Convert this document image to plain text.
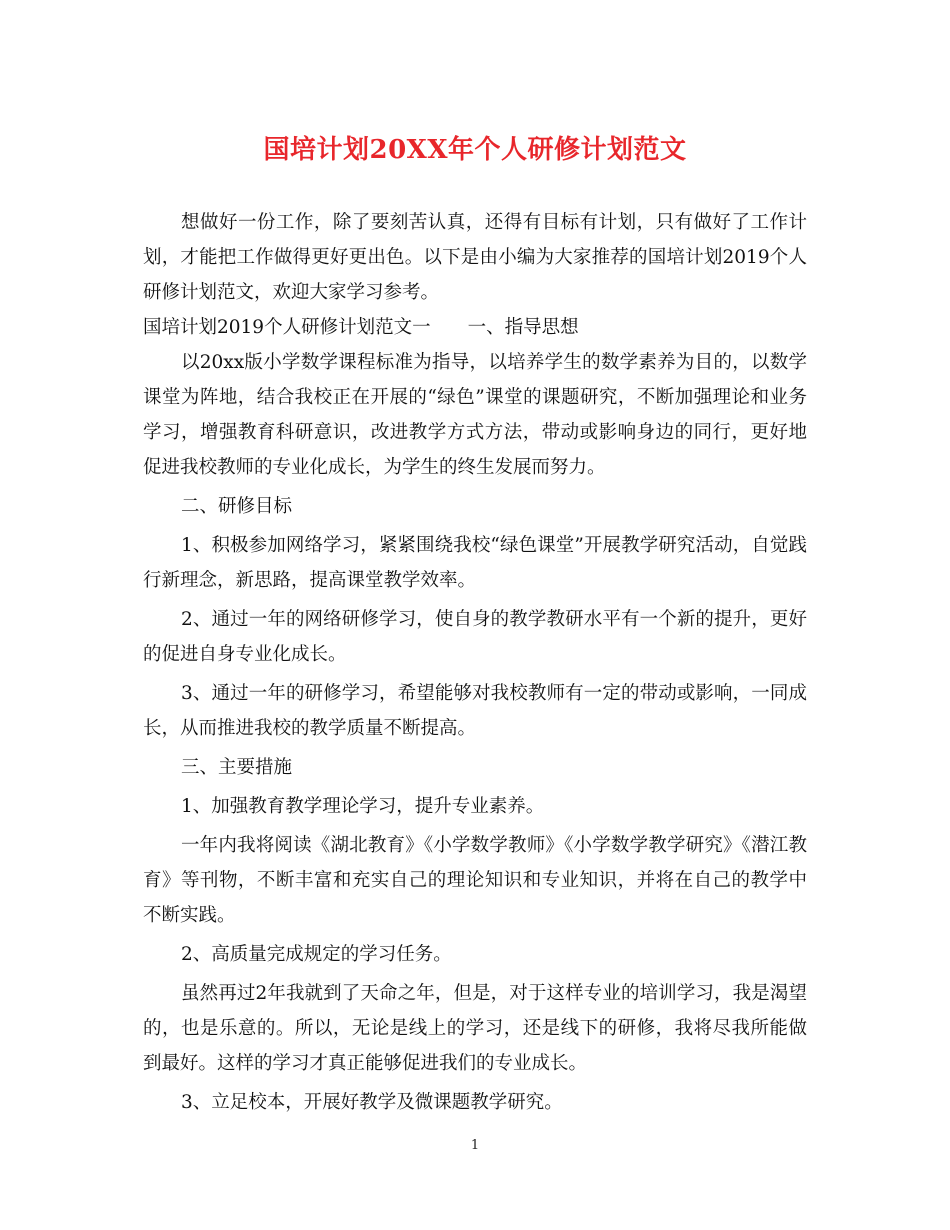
国培计划20XX年个人研修计划范文

想做好一份工作，除了要刻苦认真，还得有目标有计划，只有做好了工作计划，才能把工作做得更好更出色。以下是由小编为大家推荐的国培计划2019个人研修计划范文，欢迎大家学习参考。

国培计划2019个人研修计划范文一　　一、指导思想

以20xx版小学数学课程标准为指导，以培养学生的数学素养为目的，以数学课堂为阵地，结合我校正在开展的“绿色”课堂的课题研究，不断加强理论和业务学习，增强教育科研意识，改进教学方式方法，带动或影响身边的同行，更好地促进我校教师的专业化成长，为学生的终生发展而努力。

二、研修目标

1、积极参加网络学习，紧紧围绕我校“绿色课堂”开展教学研究活动，自觉践行新理念，新思路，提高课堂教学效率。

2、通过一年的网络研修学习，使自身的教学教研水平有一个新的提升，更好的促进自身专业化成长。

3、通过一年的研修学习，希望能够对我校教师有一定的带动或影响，一同成长，从而推进我校的教学质量不断提高。

三、主要措施

1、加强教育教学理论学习，提升专业素养。

一年内我将阅读《湖北教育》《小学数学教师》《小学数学教学研究》《潜江教育》等刊物，不断丰富和充实自己的理论知识和专业知识，并将在自己的教学中不断实践。

2、高质量完成规定的学习任务。

虽然再过2年我就到了天命之年，但是，对于这样专业的培训学习，我是渴望的，也是乐意的。所以，无论是线上的学习，还是线下的研修，我将尽我所能做到最好。这样的学习才真正能够促进我们的专业成长。

3、立足校本，开展好教学及微课题教学研究。

1
